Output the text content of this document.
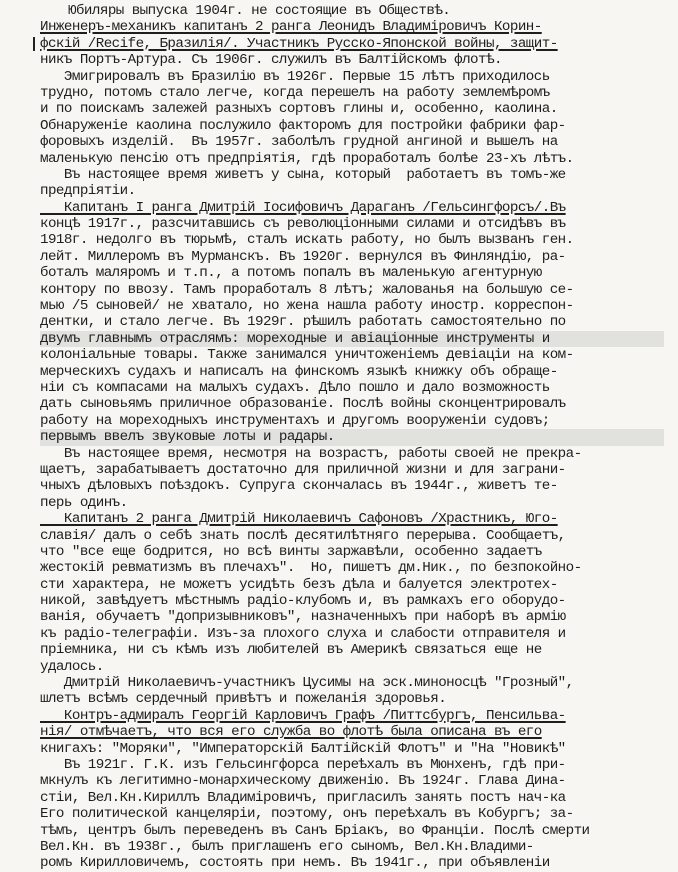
Юбиляры выпуска 1904г. не состоящие въ Обществѣ.
Инженеръ-механикъ капитанъ 2 ранга Леонидъ Владиміровичъ Корин-
фскій /Recife, Бразилія/. Участникъ Русско-Японской войны, защит-
никъ Портъ-Артура. Съ 1906г. служилъ въ Балтійскомъ флотѣ.
Эмигрировалъ въ Бразилію въ 1926г. Первые 15 лѣтъ приходилось
трудно, потомъ стало легче, когда перешелъ на работу землемѣромъ
и по поискамъ залежей разныхъ сортовъ глины и, особенно, каолина.
Обнаруженіе каолина послужило факторомъ для постройки фабрики фар-
форовыхъ изделій.  Въ 1957г. заболѣлъ грудной ангиной и вышелъ на
маленькую пенсію отъ предпріятія, гдѣ проработалъ болѣе 23-хъ лѣтъ.
Въ настоящее время живетъ у сына, который  работаетъ въ томъ-же
предпріятіи.
Капитанъ I ранга Дмитрій Іосифовичъ Дараганъ /Гельсингфорсъ/.Въ
концѣ 1917г., разсчитавшись съ революціонными силами и отсидѣвъ въ
1918г. недолго въ тюрьмѣ, сталъ искать работу, но былъ вызванъ ген.
лейт. Миллеромъ въ Мурманскъ. Въ 1920г. вернулся въ Финляндію, ра-
боталъ маляромъ и т.п., а потомъ попалъ въ маленькую агентурную
контору по ввозу. Тамъ проработалъ 8 лѣтъ; жалованья на большую се-
мью /5 сыновей/ не хватало, но жена нашла работу иностр. корреспон-
дентки, и стало легче. Въ 1929г. рѣшилъ работать самостоятельно по
двумъ главнымъ отраслямъ: мореходные и авіаціонные инструменты и
колоніальные товары. Также занимался уничтоженіемъ девіаціи на ком-
мерческихъ судахъ и написалъ на финскомъ языкѣ книжку объ обраще-
ніи съ компасами на малыхъ судахъ. Дѣло пошло и дало возможность
дать сыновьямъ приличное образованіе. Послѣ войны сконцентрировалъ
работу на мореходныхъ инструментахъ и другомъ вооруженіи судовъ;
первымъ ввелъ звуковые лоты и радары.
Въ настоящее время, несмотря на возрастъ, работы своей не прекра-
щаетъ, зарабатываетъ достаточно для приличной жизни и для заграни-
чныхъ дѣловыхъ поѣздокъ. Супруга скончалась въ 1944г., живетъ те-
перь одинъ.
Капитанъ 2 ранга Дмитрій Николаевичъ Сафоновъ /Храстникъ, Юго-
славія/ далъ о себѣ знать послѣ десятилѣтняго перерыва. Сообщаетъ,
что "все еще бодрится, но всѣ винты заржавѣли, особенно задаетъ
жестокій ревматизмъ въ плечахъ".  Но, пишетъ дм.Ник., по безпокойно-
сти характера, не можетъ усидѣть безъ дѣла и балуется электротех-
никой, завѣдуетъ мѣстнымъ радіо-клубомъ и, въ рамкахъ его оборудо-
ванія, обучаетъ "допризывниковъ", назначенныхъ при наборѣ въ армію
къ радіо-телеграфіи. Изъ-за плохого слуха и слабости отправителя и
пріемника, ни съ кѣмъ изъ любителей въ Америкѣ связаться еще не
удалось.
Дмитрій Николаевичъ-участникъ Цусимы на эск.миноносцѣ "Грозный",
шлетъ всѣмъ сердечный привѣтъ и пожеланія здоровья.
Контръ-адмиралъ Георгій Карловичъ Графъ /Питтсбургъ, Пенсильва-
нія/ отмѣчаетъ, что вся его служба во флотѣ была описана въ его
книгахъ: "Моряки", "Императорскій Балтійскій Флотъ" и "На "Новикѣ"
Въ 1921г. Г.К. изъ Гельсингфорса переѣхалъ въ Мюнхенъ, гдѣ при-
мкнулъ къ легитимно-монархическому движенію. Въ 1924г. Глава Дина-
стіи, Вел.Кн.Кириллъ Владиміровичъ, пригласилъ занять постъ нач-ка
Его политической канцеляріи, поэтому, онъ переѣхалъ въ Кобургъ; за-
тѣмъ, центръ былъ переведенъ въ Санъ Бріакъ, во Франціи. Послѣ смерти
Вел.Кн. въ 1938г., былъ приглашенъ его сыномъ, Вел.Кн.Владими-
ромъ Кирилловичемъ, состоять при немъ. Въ 1941г., при объявленіи
